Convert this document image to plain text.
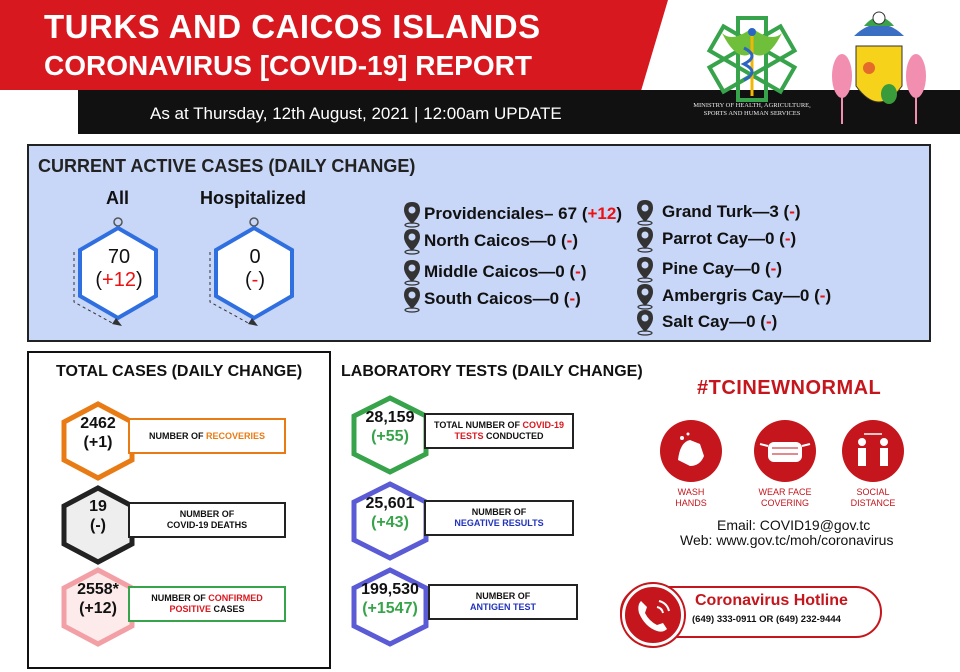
TURKS AND CAICOS ISLANDS
CORONAVIRUS [COVID-19] REPORT
As at Thursday, 12th August, 2021 | 12:00am UPDATE	MINISTRY OF HEALTH, AGRICULTURE,
SPORTS AND HUMAN SERVICES
CURRENT ACTIVE CASES (DAILY CHANGE)
All	Hospitalized
70
(+12)
0
(-)
Providenciales– 67 (+12)
North Caicos—0 (-)
Middle Caicos—0 (-)
South Caicos—0 (-)
Grand Turk—3 (-)
Parrot Cay—0 (-)
Pine Cay—0 (-)
Ambergris Cay—0 (-)
Salt Cay—0 (-)
TOTAL CASES (DAILY CHANGE)
2462
(+1)	NUMBER OF RECOVERIES
19
(-)
NUMBER OF
COVID-19 DEATHS
2558*
(+12)
NUMBER OF CONFIRMED
POSITIVE CASES
LABORATORY TESTS (DAILY CHANGE)
28,159
(+55)
TOTAL NUMBER OF COVID-19
TESTS CONDUCTED
25,601
(+43)
NUMBER OF
NEGATIVE RESULTS
199,530
(+1547)
NUMBER OF
ANTIGEN TEST
#TCINEWNORMAL
WASH HANDS
WEAR FACE COVERING
SOCIAL DISTANCE
Email: COVID19@gov.tc
Web: www.gov.tc/moh/coronavirus
Coronavirus Hotline
(649) 333-0911 OR (649) 232-9444
